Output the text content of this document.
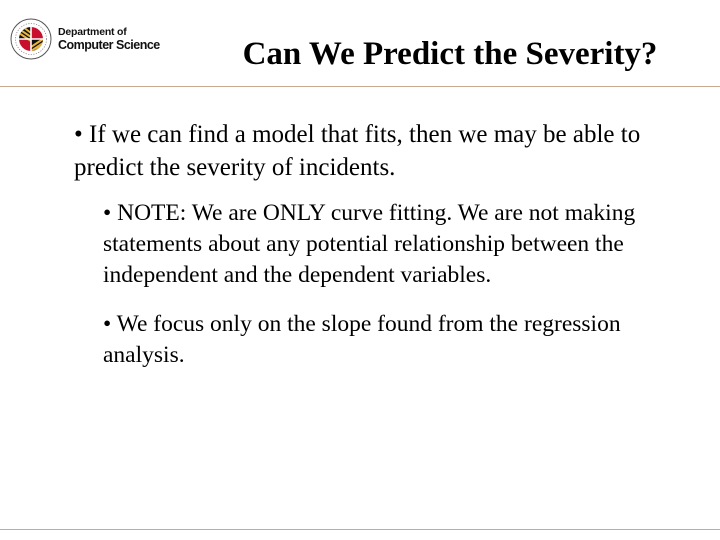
Department of
Computer Science	Can We Predict the Severity?

• If we can find a model that fits, then we may be able to predict the severity of incidents.

• NOTE: We are ONLY curve fitting. We are not making statements about any potential relationship between the independent and the dependent variables.

• We focus only on the slope found from the regression analysis.
